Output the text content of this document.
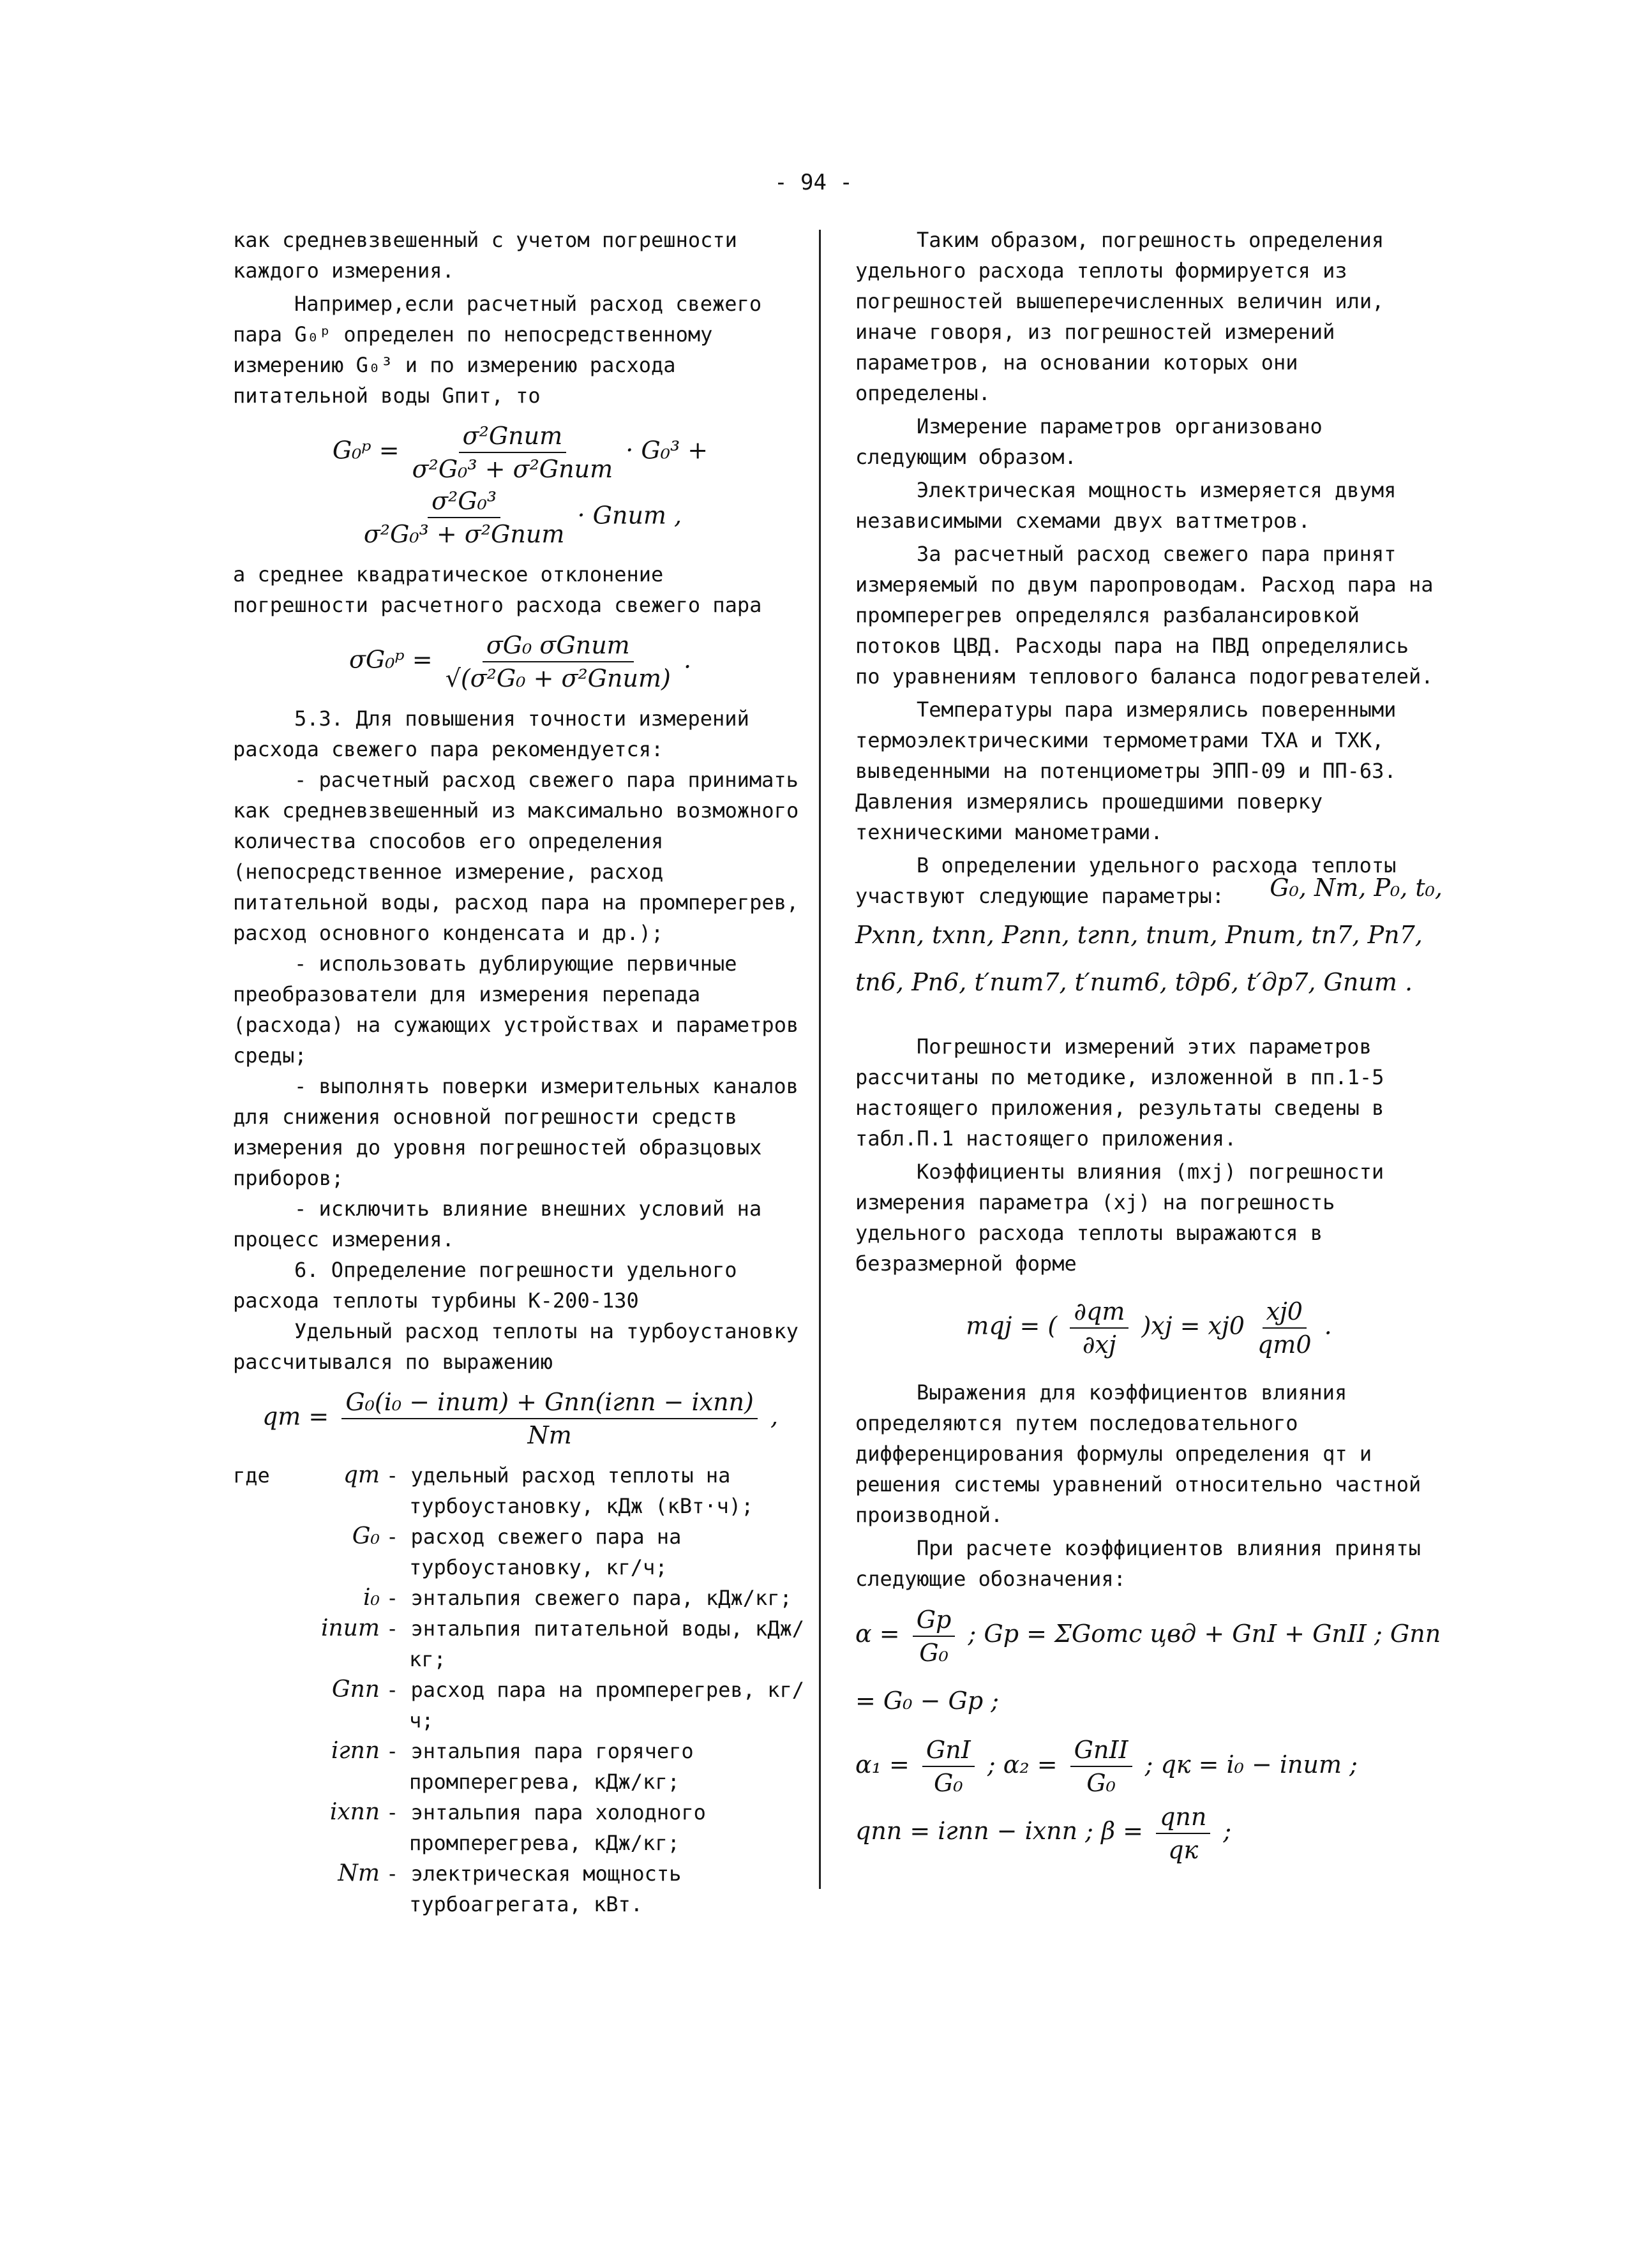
- 94 -

как средневзвешенный с учетом погрешности каждого измерения.

Например,если расчетный расход свежего пара G₀ᵖ определен по непосредственному измерению G₀³ и по измерению расхода питательной воды Gпит, то

G₀ᵖ = $\frac{\text{σ²Gпит}}{\text{σ²G₀³ + σ²Gпит}} \cdot G_0^3$ +
$\frac{\text{σ²G₀³}}{\text{σ²G₀³ + σ²Gпит}}$ · Gпит ,

а среднее квадратическое отклонение погрешности расчетного расхода свежего пара

σG₀ᵖ = $\frac{\text{σG₀ σGпит}}{\text{√(σ²G₀ + σ²Gпит)}}$ .

5.3. Для повышения точности измерений расхода свежего пара рекомендуется:

- расчетный расход свежего пара принимать как средневзвешенный из максимально возможного количества способов его определения (непосредственное измерение, расход питательной воды, расход пара на промперегрев, расход основного конденсата и др.);

- использовать дублирующие первичные преобразователи для измерения перепада (расхода) на сужающих устройствах и параметров среды;

- выполнять поверки измерительных каналов для снижения основной погрешности средств измерения до уровня погрешностей образцовых приборов;

- исключить влияние внешних условий на процесс измерения.

6. Определение погрешности удельного расхода теплоты турбины К-200-130

Удельный расход теплоты на турбоустановку рассчитывался по выражению

qт = $\frac{\text{G₀(i₀ − iпит) + Gпп(iгпп − iхпп)}}{Nт}$ ,
где	qт - удельный расход теплоты на турбоустановку, кДж (кВт·ч);
G₀ - расход свежего пара на турбоустановку, кг/ч;
i₀ - энтальпия свежего пара, кДж/кг;
iпит - энтальпия питательной воды, кДж/кг;
Gпп - расход пара на промперегрев, кг/ч;
iгпп - энтальпия пара горячего промперегрева, кДж/кг;
iхпп - энтальпия пара холодного промперегрева, кДж/кг;
Nт - электрическая мощность турбоагрегата, кВт.

Таким образом, погрешность определения удельного расхода теплоты формируется из погрешностей вышеперечисленных величин или, иначе говоря, из погрешностей измерений параметров, на основании которых они определены.

Измерение параметров организовано следующим образом.

Электрическая мощность измеряется двумя независимыми схемами двух ваттметров.

За расчетный расход свежего пара принят измеряемый по двум паропроводам. Расход пара на промперегрев определялся разбалансировкой потоков ЦВД. Расходы пара на ПВД определялись по уравнениям теплового баланса подогревателей.

Температуры пара измерялись поверенными термоэлектрическими термометрами ТХА и ТХК, выведенными на потенциометры ЭПП-09 и ПП-63. Давления измерялись прошедшими поверку техническими манометрами.

В определении удельного расхода теплоты участвуют следующие параметры:	G₀, Nт, P₀, t₀,
Pхпп, tхпп, Pгпп, tгпп, tпит, Pпит, tп7, Pп7,
tп6, Pп6, t′пит7, t′пит6, tдр6, t′др7, Gпит .

Погрешности измерений этих параметров рассчитаны по методике, изложенной в пп.1-5 настоящего приложения, результаты сведены в табл.П.1 настоящего приложения.

Коэффициенты влияния (mxj) погрешности измерения параметра (xj) на погрешность удельного расхода теплоты выражаются в безразмерной форме

mqj = ( $\frac{\partial qт}{\partial xj} )xj = xj0 \frac{xj0}{qт0}$ .

Выражения для коэффициентов влияния определяются путем последовательного дифференцирования формулы определения qт и решения системы уравнений относительно частной производной.

При расчете коэффициентов влияния приняты следующие обозначения:

$\alpha = \frac{Gp}{\text{G₀}}$ ; Gp = ΣGотс цвд + GпI + GпII ; Gпп = G₀ − Gp ;
$\alpha_1 = \frac{\text{GпI}}{\text{G₀}}$ ; $\alpha_2 = \frac{\text{GпII}}{\text{G₀}}$ ; qк = i₀ − iпит ;
qпп = iгпп − iхпп ; $\beta = \frac{\text{qпп}}{qк}$ ;
